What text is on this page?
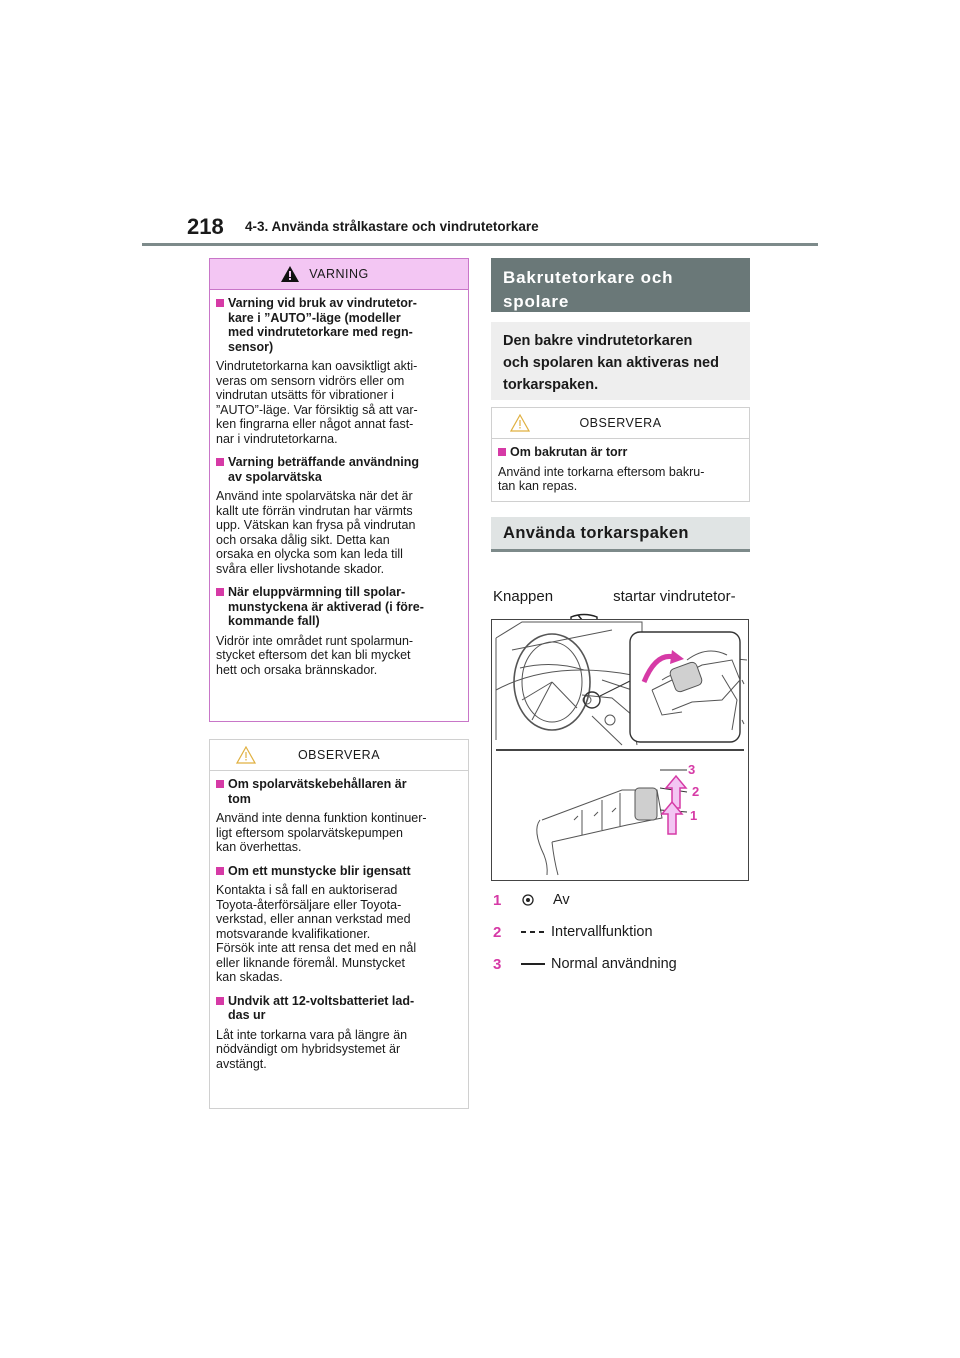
218 4-3. Använda strålkastare och vindrutetorkare
VARNING
Varning vid bruk av vindrutetor-
kare i ”AUTO”-läge (modeller
med vindrutetorkare med regn-
sensor)
Vindrutetorkarna kan oavsiktligt akti-
veras om sensorn vidrörs eller om
vindrutan utsätts för vibrationer i
”AUTO”-läge. Var försiktig så att var-
ken fingrarna eller något annat fast-
nar i vindrutetorkarna.
Varning beträffande användning
av spolarvätska
Använd inte spolarvätska när det är
kallt ute förrän vindrutan har värmts
upp. Vätskan kan frysa på vindrutan
och orsaka dålig sikt. Detta kan
orsaka en olycka som kan leda till
svåra eller livshotande skador.
När eluppvärmning till spolar-
munstyckena är aktiverad (i före-
kommande fall)
Vidrör inte området runt spolarmun-
stycket eftersom det kan bli mycket
hett och orsaka brännskador.
OBSERVERA
Om spolarvätskebehållaren är
tom
Använd inte denna funktion kontinuer-
ligt eftersom spolarvätskepumpen
kan överhettas.
Om ett munstycke blir igensatt
Kontakta i så fall en auktoriserad
Toyota-återförsäljare eller Toyota-
verkstad, eller annan verkstad med
motsvarande kvalifikationer.
Försök inte att rensa det med en nål
eller liknande föremål. Munstycket
kan skadas.
Undvik att 12-voltsbatteriet lad-
das ur
Låt inte torkarna vara på längre än
nödvändigt om hybridsystemet är
avstängt.
Bakrutetorkare och
spolare
Den bakre vindrutetorkaren
och spolaren kan aktiveras ned
torkarspaken.
OBSERVERA
Om bakrutan är torr
Använd inte torkarna eftersom bakru-
tan kan repas.
Använda torkarspaken

Knappen	startar vindrutetor-

3
2
1
1	Av
2	Intervallfunktion
3	Normal användning
